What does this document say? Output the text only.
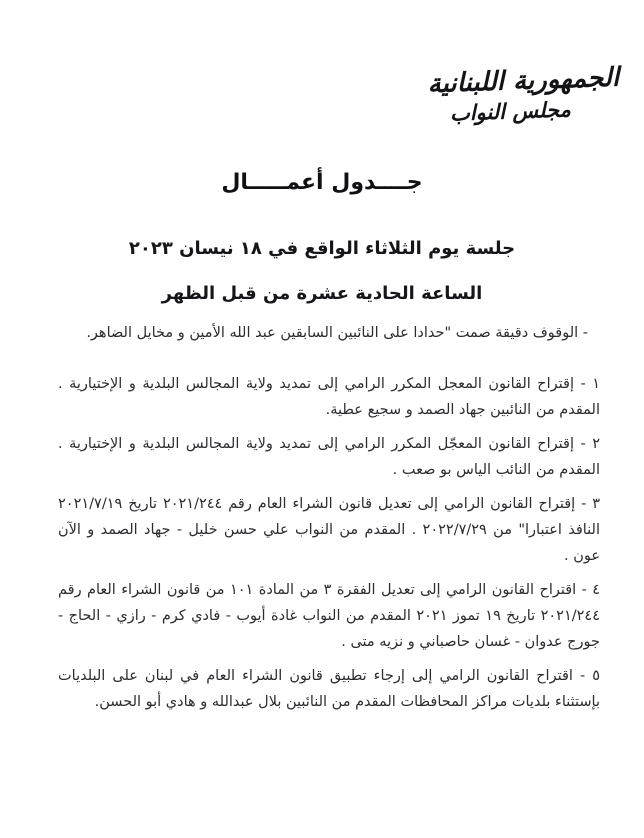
الجمهورية اللبنانية
مجلس النواب
جــــدول أعمـــــال
جلسة يوم الثلاثاء الواقع في ١٨ نيسان ٢٠٢٣
الساعة الحادية عشرة من قبل الظهر

- الوقوف دقيقة صمت "حدادا على النائبين السابقين عبد الله الأمين و مخايل الضاهر.

١ - إقتراح القانون المعجل المكرر الرامي إلى تمديد ولاية المجالس البلدية و الإختيارية . المقدم من النائبين جهاد الصمد و سجيع عطية.

٢ - إقتراح القانون المعجّل المكرر الرامي إلى تمديد ولاية المجالس البلدية و الإختيارية . المقدم من النائب الياس بو صعب .

٣ - إقتراح القانون الرامي إلى تعديل قانون الشراء العام رقم ٢٠٢١/٢٤٤ تاريخ ٢٠٢١/٧/١٩ النافذ اعتبارا" من ٢٠٢٢/٧/٢٩ . المقدم من النواب علي حسن خليل - جهاد الصمد و الآن عون .

٤ - اقتراح القانون الرامي إلى تعديل الفقرة ٣ من المادة ١٠١ من قانون الشراء العام رقم ٢٠٢١/٢٤٤ تاريخ ١٩ تموز ٢٠٢١ المقدم من النواب غادة أيوب - فادي كرم - رازي - الحاج - جورج عدوان - غسان حاصباني و نزيه متى .

٥ - اقتراح القانون الرامي إلى إرجاء تطبيق قانون الشراء العام في لبنان على البلديات بإستثناء بلديات مراكز المحافظات المقدم من النائبين بلال عبدالله و هادي أبو الحسن.
